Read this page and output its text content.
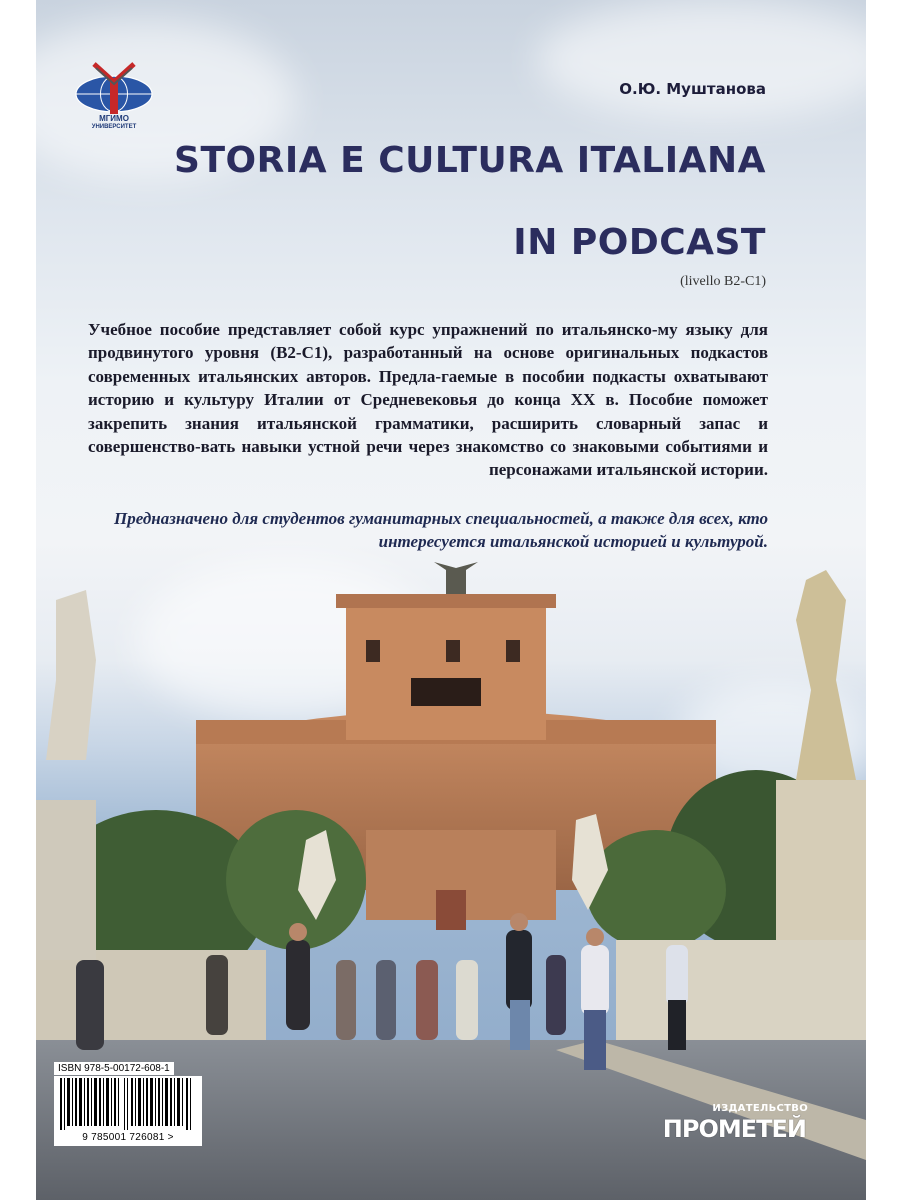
МГИМО
УНИВЕРСИТЕТ
О.Ю. Муштанова
STORIA E CULTURA ITALIANA
IN PODCAST
(livello B2-C1)
Учебное пособие представляет собой курс упражнений по итальянско-му языку для продвинутого уровня (В2-С1), разработанный на основе оригинальных подкастов современных итальянских авторов. Предла-гаемые в пособии подкасты охватывают историю и культуру Италии от Средневековья до конца XX в. Пособие поможет закрепить знания итальянской грамматики, расширить словарный запас и совершенство-вать навыки устной речи через знакомство со знаковыми событиями и персонажами итальянской истории.
Предназначено для студентов гуманитарных специальностей, а также для всех, кто интересуется итальянской историей и культурой.
ISBN 978-5-00172-608-1
9 785001 726081 >
ИЗДАТЕЛЬСТВО
ПРОМЕТЕЙ
